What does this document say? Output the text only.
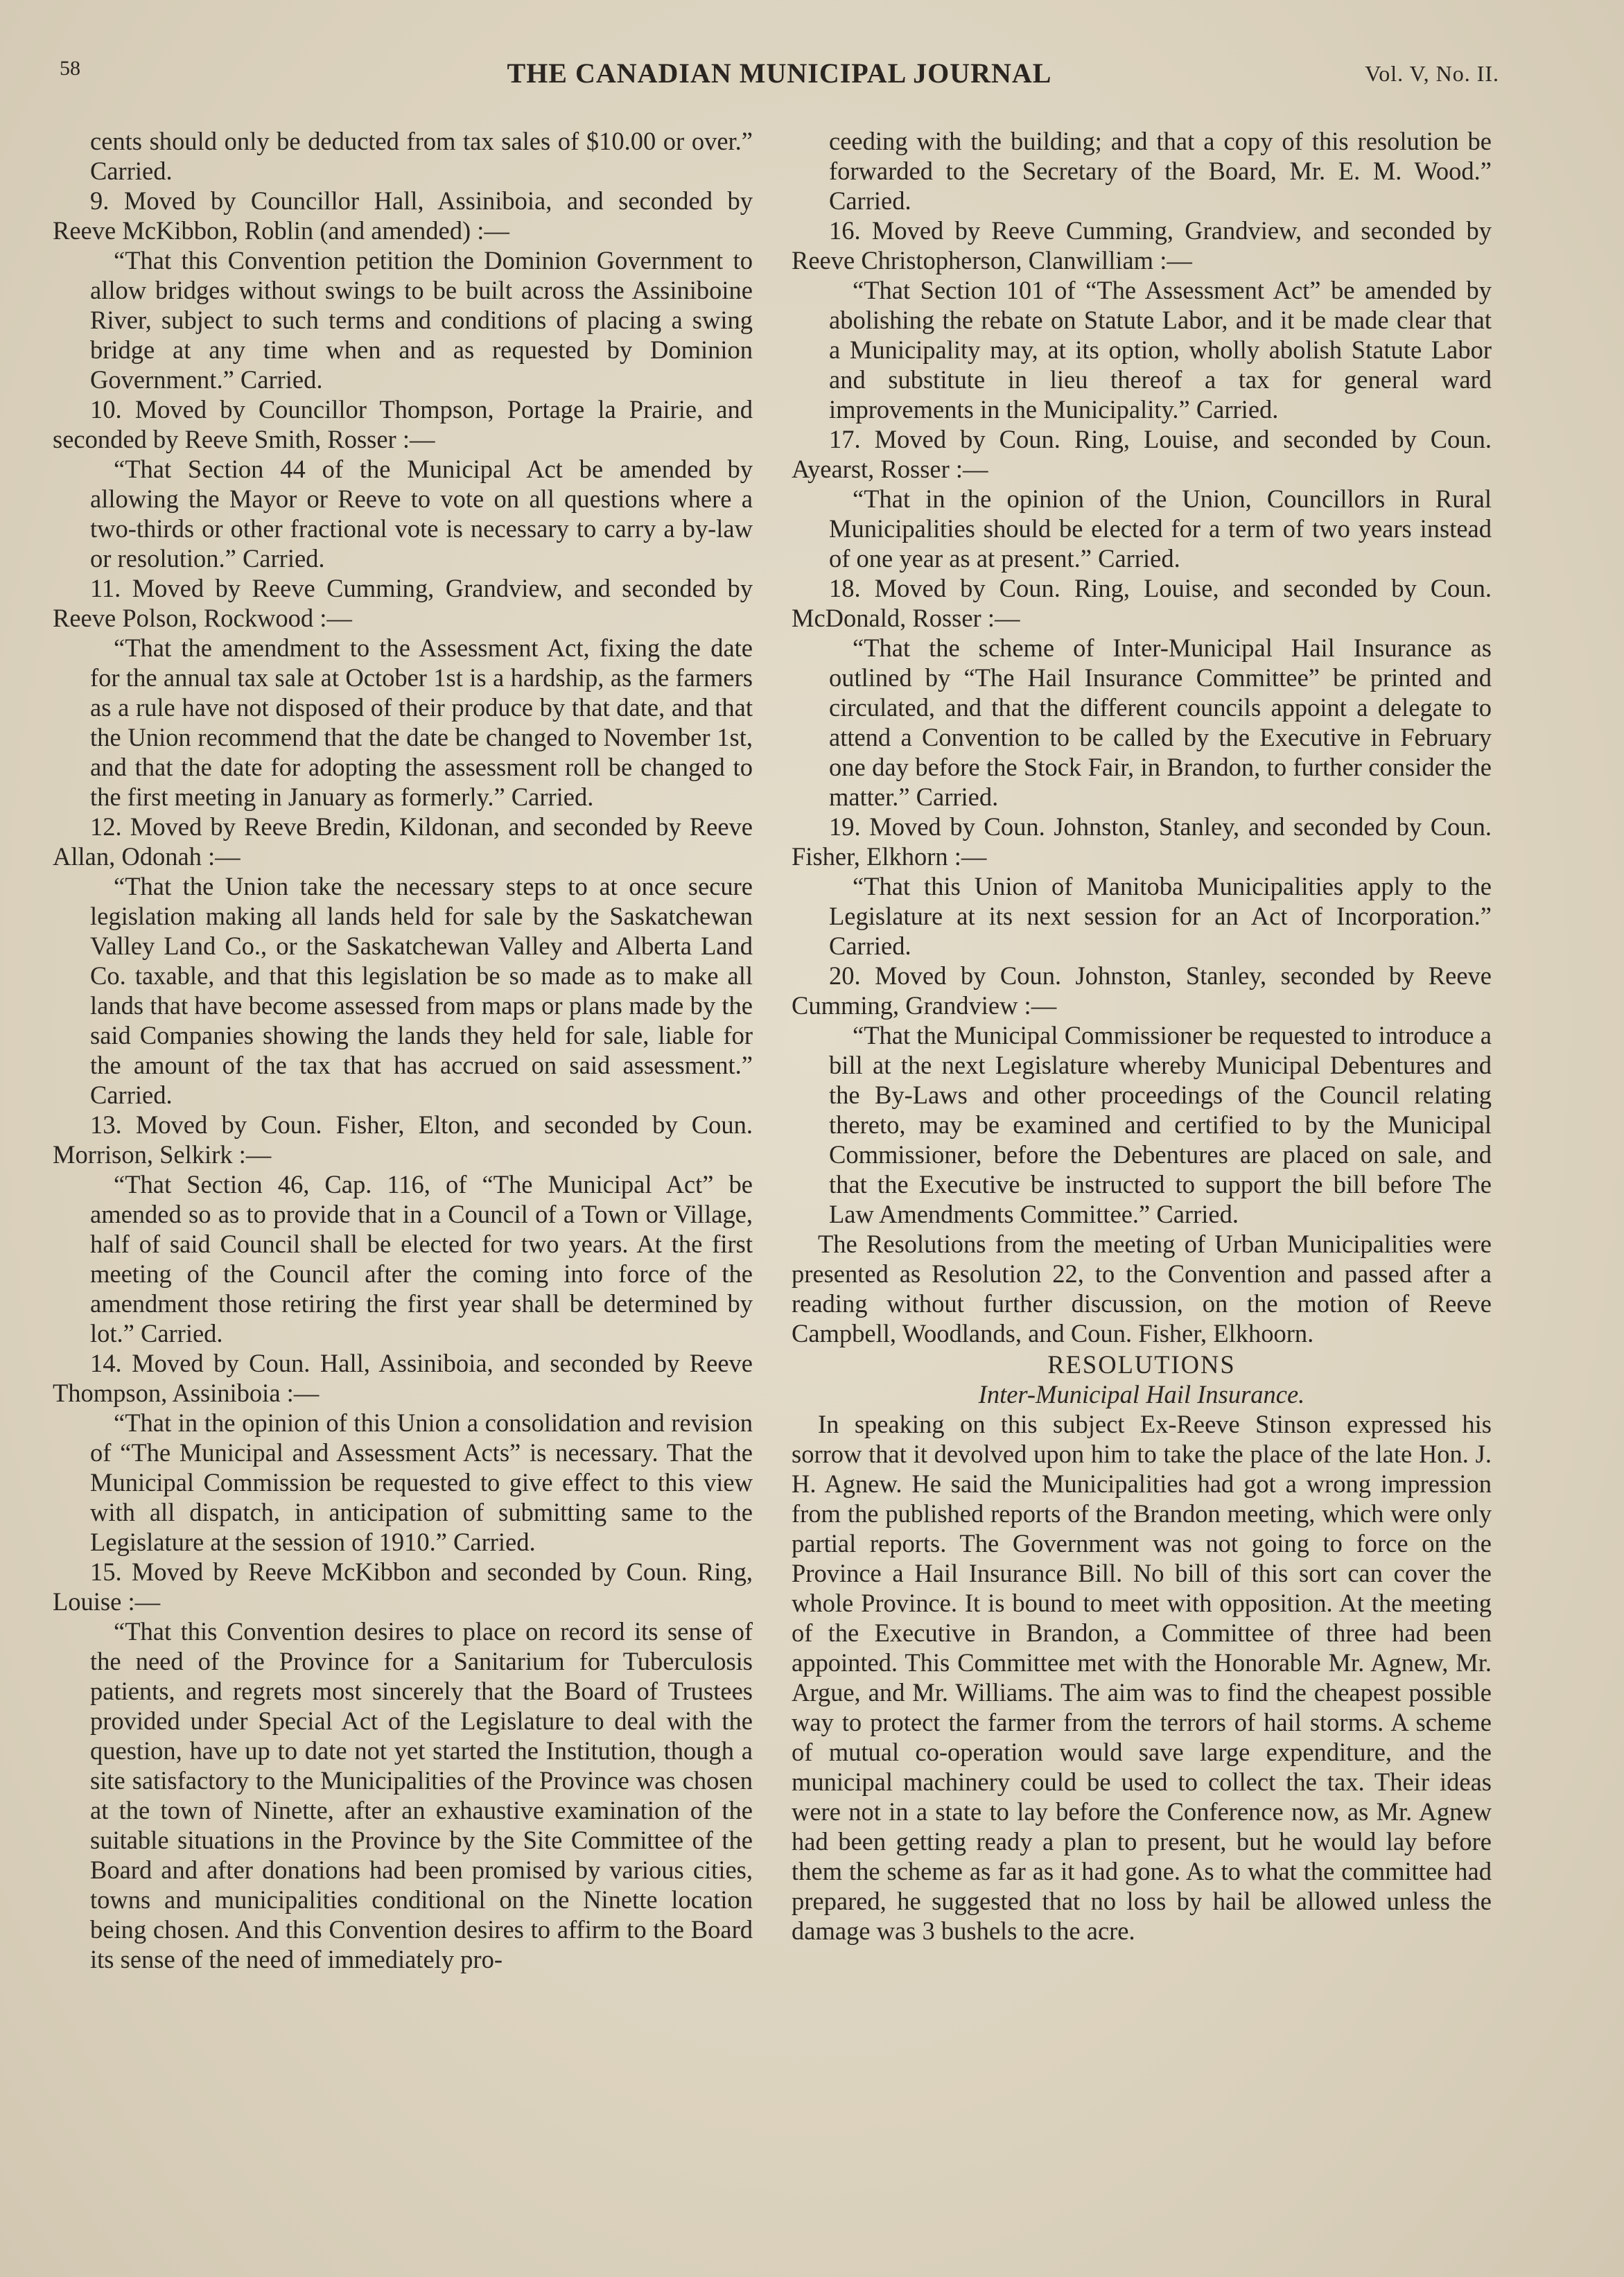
58	THE CANADIAN MUNICIPAL JOURNAL	Vol. V, No. II.

cents should only be deducted from tax sales of $10.00 or over.” Carried.

9. Moved by Councillor Hall, Assiniboia, and seconded by Reeve McKibbon, Roblin (and amended) :—

“That this Convention petition the Dominion Government to allow bridges without swings to be built across the Assiniboine River, subject to such terms and conditions of placing a swing bridge at any time when and as requested by Dominion Government.” Carried.

10. Moved by Councillor Thompson, Portage la Prairie, and seconded by Reeve Smith, Rosser :—

“That Section 44 of the Municipal Act be amended by allowing the Mayor or Reeve to vote on all questions where a two-thirds or other fractional vote is necessary to carry a by-law or resolution.” Carried.

11. Moved by Reeve Cumming, Grandview, and seconded by Reeve Polson, Rockwood :—

“That the amendment to the Assessment Act, fixing the date for the annual tax sale at October 1st is a hardship, as the farmers as a rule have not disposed of their produce by that date, and that the Union recommend that the date be changed to November 1st, and that the date for adopting the assessment roll be changed to the first meeting in January as formerly.” Carried.

12. Moved by Reeve Bredin, Kildonan, and seconded by Reeve Allan, Odonah :—

“That the Union take the necessary steps to at once secure legislation making all lands held for sale by the Saskatchewan Valley Land Co., or the Saskatchewan Valley and Alberta Land Co. taxable, and that this legislation be so made as to make all lands that have become assessed from maps or plans made by the said Companies showing the lands they held for sale, liable for the amount of the tax that has accrued on said assessment.” Carried.

13. Moved by Coun. Fisher, Elton, and seconded by Coun. Morrison, Selkirk :—

“That Section 46, Cap. 116, of “The Municipal Act” be amended so as to provide that in a Council of a Town or Village, half of said Council shall be elected for two years. At the first meeting of the Council after the coming into force of the amendment those retiring the first year shall be determined by lot.” Carried.

14. Moved by Coun. Hall, Assiniboia, and seconded by Reeve Thompson, Assiniboia :—

“That in the opinion of this Union a consolidation and revision of “The Municipal and Assessment Acts” is necessary. That the Municipal Commission be requested to give effect to this view with all dispatch, in anticipation of submitting same to the Legislature at the session of 1910.” Carried.

15. Moved by Reeve McKibbon and seconded by Coun. Ring, Louise :—

“That this Convention desires to place on record its sense of the need of the Province for a Sanitarium for Tuberculosis patients, and regrets most sincerely that the Board of Trustees provided under Special Act of the Legislature to deal with the question, have up to date not yet started the Institution, though a site satisfactory to the Municipalities of the Province was chosen at the town of Ninette, after an exhaustive examination of the suitable situations in the Province by the Site Committee of the Board and after donations had been promised by various cities, towns and municipalities conditional on the Ninette location being chosen. And this Convention desires to affirm to the Board its sense of the need of immediately pro-

ceeding with the building; and that a copy of this resolution be forwarded to the Secretary of the Board, Mr. E. M. Wood.” Carried.

16. Moved by Reeve Cumming, Grandview, and seconded by Reeve Christopherson, Clanwilliam :—

“That Section 101 of “The Assessment Act” be amended by abolishing the rebate on Statute Labor, and it be made clear that a Municipality may, at its option, wholly abolish Statute Labor and substitute in lieu thereof a tax for general ward improvements in the Municipality.” Carried.

17. Moved by Coun. Ring, Louise, and seconded by Coun. Ayearst, Rosser :—

“That in the opinion of the Union, Councillors in Rural Municipalities should be elected for a term of two years instead of one year as at present.” Carried.

18. Moved by Coun. Ring, Louise, and seconded by Coun. McDonald, Rosser :—

“That the scheme of Inter-Municipal Hail Insurance as outlined by “The Hail Insurance Committee” be printed and circulated, and that the different councils appoint a delegate to attend a Convention to be called by the Executive in February one day before the Stock Fair, in Brandon, to further consider the matter.” Carried.

19. Moved by Coun. Johnston, Stanley, and seconded by Coun. Fisher, Elkhorn :—

“That this Union of Manitoba Municipalities apply to the Legislature at its next session for an Act of Incorporation.” Carried.

20. Moved by Coun. Johnston, Stanley, seconded by Reeve Cumming, Grandview :—

“That the Municipal Commissioner be requested to introduce a bill at the next Legislature whereby Municipal Debentures and the By-Laws and other proceedings of the Council relating thereto, may be examined and certified to by the Municipal Commissioner, before the Debentures are placed on sale, and that the Executive be instructed to support the bill before The Law Amendments Committee.” Carried.

The Resolutions from the meeting of Urban Municipalities were presented as Resolution 22, to the Convention and passed after a reading without further discussion, on the motion of Reeve Campbell, Woodlands, and Coun. Fisher, Elkhoorn.

RESOLUTIONS

Inter-Municipal Hail Insurance.

In speaking on this subject Ex-Reeve Stinson expressed his sorrow that it devolved upon him to take the place of the late Hon. J. H. Agnew. He said the Municipalities had got a wrong impression from the published reports of the Brandon meeting, which were only partial reports. The Government was not going to force on the Province a Hail Insurance Bill. No bill of this sort can cover the whole Province. It is bound to meet with opposition. At the meeting of the Executive in Brandon, a Committee of three had been appointed. This Committee met with the Honorable Mr. Agnew, Mr. Argue, and Mr. Williams. The aim was to find the cheapest possible way to protect the farmer from the terrors of hail storms. A scheme of mutual co-operation would save large expenditure, and the municipal machinery could be used to collect the tax. Their ideas were not in a state to lay before the Conference now, as Mr. Agnew had been getting ready a plan to present, but he would lay before them the scheme as far as it had gone. As to what the committee had prepared, he suggested that no loss by hail be allowed unless the damage was 3 bushels to the acre.
